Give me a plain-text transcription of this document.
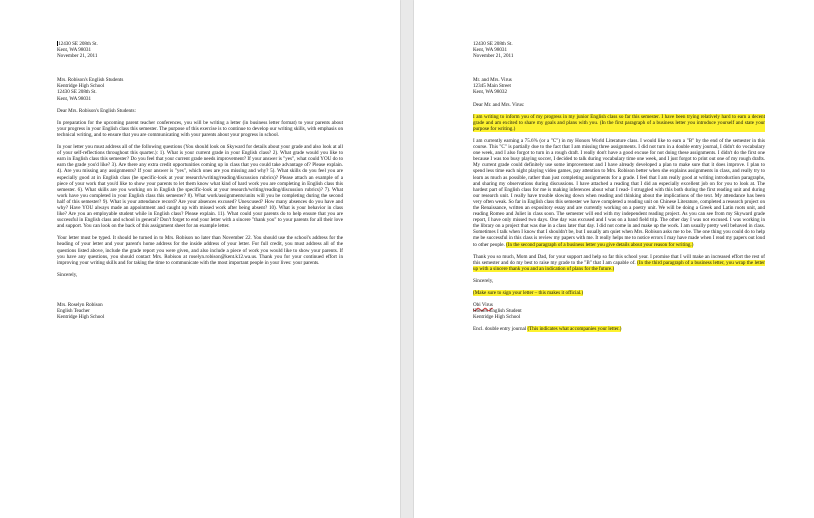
12430 SE 208th St.
Kent, WA 98031
November 21, 2011
Mrs. Robison's English Students
Kentridge High School
12430 SE 208th St.
Kent, WA 98031
Dear Mrs. Robison's English Students:
In preparation for the upcoming parent teacher conferences, you will be writing a letter (in business letter format) to your parents about your progress in your English class this semester. The purpose of this exercise is to continue to develop our writing skills, with emphasis on technical writing, and to ensure that you are communicating with your parents about your progress in school.
In your letter you must address all of the following questions (You should look on Skyward for details about your grade and also look at all of your self-reflections throughout this quarter.): 1). What is your current grade in your English class? 2). What grade would you like to earn in English class this semester? Do you feel that your current grade needs improvement? If your answer is "yes", what could YOU do to earn the grade you'd like? 3). Are there any extra credit opportunities coming up in class that you could take advantage of? Please explain. 4). Are you missing any assignments? If your answer is "yes", which ones are you missing and why? 5). What skills do you feel you are especially good at in English class (be specific-look at your research/writing/reading/discussion rubrics)? Please attach an example of a piece of your work that you'd like to show your parents to let them know what kind of hard work you are completing in English class this semester. 6). What skills are you working on in English (be specific-look at your research/writing/reading/discussion rubrics)? 7). What work have you completed in your English class this semester? 8). What work/assignments/units will you be completing during the second half of this semester? 9). What is your attendance record? Are your absences excused? Unexcused? How many absences do you have and why? Have YOU always made an appointment and caught up with missed work after being absent? 10). What is your behavior in class like? Are you an employable student while in English class? Please explain. 11). What could your parents do to help ensure that you are successful in English class and school in general? Don't forget to end your letter with a sincere "thank you" to your parents for all their love and support. You can look on the back of this assignment sheet for an example letter.
Your letter must be typed. It should be turned in to Mrs. Robison no later than November 22. You should use the school's address for the heading of your letter and your parent's home address for the inside address of your letter. For full credit, you must address all of the questions listed above, include the grade report you were given, and also include a piece of work you would like to show your parents. If you have any questions, you should contact Mrs. Robison at roselyn.robison@kent.k12.wa.us. Thank you for your continued effort in improving your writing skills and for taking the time to communicate with the most important people in your lives: your parents.
Sincerely,
Mrs. Roselyn Robison
English Teacher
Kentridge High School
12430 SE 208th St.
Kent, WA 98031
November 21, 2011
Mr. and Mrs. Virus
12345 Main Street
Kent, WA 98032
Dear Mr. and Mrs. Virus:
I am writing to inform you of my progress in my junior English class so far this semester. I have been trying relatively hard to earn a decent grade and am excited to share my goals and plans with you. (In the first paragraph of a business letter you introduce yourself and state your purpose for writing.)
I am currently earning a 75.6% (or a "C") in my Honors World Literature class. I would like to earn a "B" by the end of the semester in this course. This "C" is partially due to the fact that I am missing three assignments. I did not turn in a double entry journal, I didn't do vocabulary one week, and I also forgot to turn in a rough draft. I really don't have a good excuse for not doing these assignments. I didn't do the first one because I was too busy playing soccer, I decided to talk during vocabulary time one week, and I just forgot to print out one of my rough drafts. My current grade could definitely use some improvement and I have already developed a plan to make sure that it does improve. I plan to spend less time each night playing video games, pay attention to Mrs. Robison better when she explains assignments in class, and really try to learn as much as possible, rather than just completing assignments for a grade. I feel that I am really good at writing introduction paragraphs, and sharing my observations during discussions. I have attached a reading that I did an especially excellent job on for you to look at. The hardest part of English class for me is making inferences about what I read- I struggled with this both during the first reading unit and during our research unit. I really have trouble slowing down when reading and thinking about the implications of the text. My attendance has been very often weak. So far in English class this semester we have completed a reading unit on Chinese Literature, completed a research project on the Renaissance, written an expository essay and are currently working on a poetry unit. We will be doing a Greek and Latin roots unit, and reading Romeo and Juliet in class soon. The semester will end with my independent reading project. As you can see from my Skyward grade report, I have only missed two days. One day was excused and I was on a band field trip. The other day I was not excused. I was working in the library on a project that was due in a class later that day. I did not come in and make up the work. I am usually pretty well behaved in class. Sometimes I talk when I know that I shouldn't be, but I usually am quiet when Mrs. Robison asks me to be. The one thing you could do to help me be successful in this class is review my papers with me. It really helps me to notice errors I may have made when I read my papers out loud to other people. (In the second paragraph of a business letter you give details about your reason for writing.)
Thank you so much, Mom and Dad, for your support and help so far this school year. I promise that I will make an increased effort the rest of this semester and do my best to raise my grade to the "B" that I am capable of. (In the third paragraph of a business letter, you wrap the letter up with a sincere thank you and an indication of plans for the future.)
Sincerely,
(Make sure to sign your letter – this makes it official.)
Obi Virus
Honors English Student
Kentridge High School
Encl. double entry journal (This indicates what accompanies your letter.)
